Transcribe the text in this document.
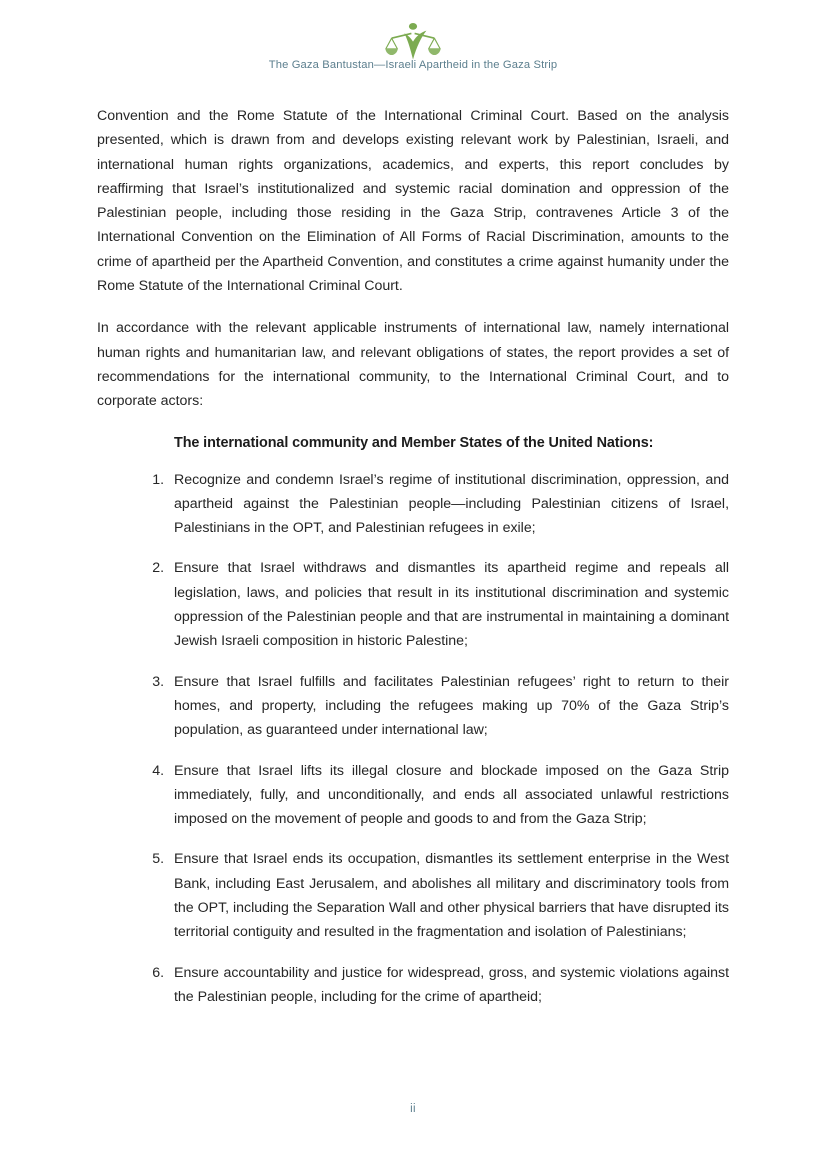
The Gaza Bantustan—Israeli Apartheid in the Gaza Strip

Convention and the Rome Statute of the International Criminal Court. Based on the analysis presented, which is drawn from and develops existing relevant work by Palestinian, Israeli, and international human rights organizations, academics, and experts, this report concludes by reaffirming that Israel’s institutionalized and systemic racial domination and oppression of the Palestinian people, including those residing in the Gaza Strip, contravenes Article 3 of the International Convention on the Elimination of All Forms of Racial Discrimination, amounts to the crime of apartheid per the Apartheid Convention, and constitutes a crime against humanity under the Rome Statute of the International Criminal Court.

In accordance with the relevant applicable instruments of international law, namely international human rights and humanitarian law, and relevant obligations of states, the report provides a set of recommendations for the international community, to the International Criminal Court, and to corporate actors:

The international community and Member States of the United Nations:
Recognize and condemn Israel’s regime of institutional discrimination, oppression, and apartheid against the Palestinian people—including Palestinian citizens of Israel, Palestinians in the OPT, and Palestinian refugees in exile;
Ensure that Israel withdraws and dismantles its apartheid regime and repeals all legislation, laws, and policies that result in its institutional discrimination and systemic oppression of the Palestinian people and that are instrumental in maintaining a dominant Jewish Israeli composition in historic Palestine;
Ensure that Israel fulfills and facilitates Palestinian refugees’ right to return to their homes, and property, including the refugees making up 70% of the Gaza Strip’s population, as guaranteed under international law;
Ensure that Israel lifts its illegal closure and blockade imposed on the Gaza Strip immediately, fully, and unconditionally, and ends all associated unlawful restrictions imposed on the movement of people and goods to and from the Gaza Strip;
Ensure that Israel ends its occupation, dismantles its settlement enterprise in the West Bank, including East Jerusalem, and abolishes all military and discriminatory tools from the OPT, including the Separation Wall and other physical barriers that have disrupted its territorial contiguity and resulted in the fragmentation and isolation of Palestinians;
Ensure accountability and justice for widespread, gross, and systemic violations against the Palestinian people, including for the crime of apartheid;
ii
